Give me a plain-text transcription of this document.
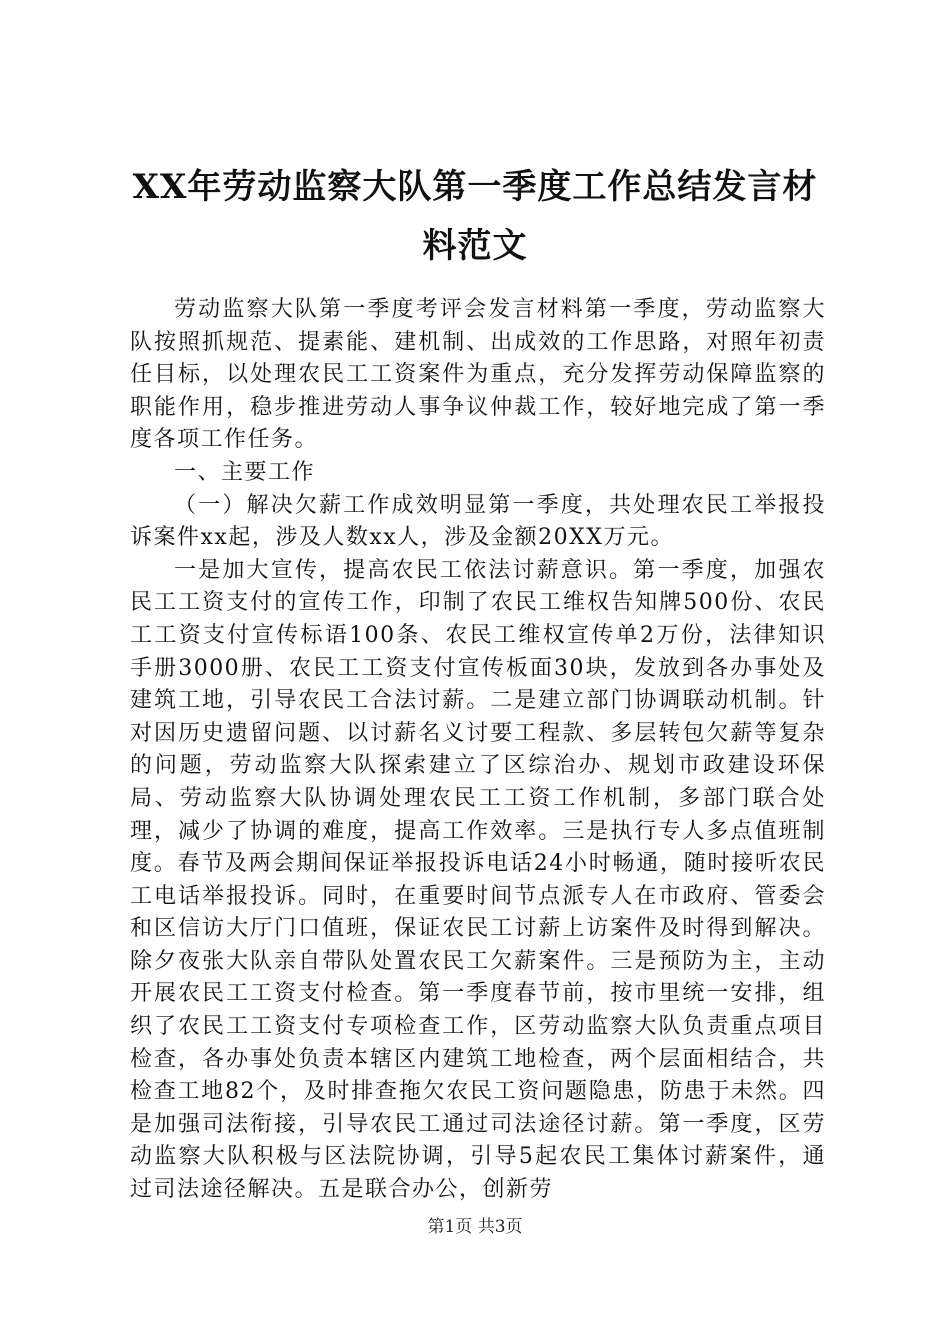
XX年劳动监察大队第一季度工作总结发言材料范文

劳动监察大队第一季度考评会发言材料第一季度，劳动监察大队按照抓规范、提素能、建机制、出成效的工作思路，对照年初责任目标，以处理农民工工资案件为重点，充分发挥劳动保障监察的职能作用，稳步推进劳动人事争议仲裁工作，较好地完成了第一季度各项工作任务。

一、主要工作

（一）解决欠薪工作成效明显第一季度，共处理农民工举报投诉案件xx起，涉及人数xx人，涉及金额20XX万元。

一是加大宣传，提高农民工依法讨薪意识。第一季度，加强农民工工资支付的宣传工作，印制了农民工维权告知牌500份、农民工工资支付宣传标语100条、农民工维权宣传单2万份，法律知识手册3000册、农民工工资支付宣传板面30块，发放到各办事处及建筑工地，引导农民工合法讨薪。二是建立部门协调联动机制。针对因历史遗留问题、以讨薪名义讨要工程款、多层转包欠薪等复杂的问题，劳动监察大队探索建立了区综治办、规划市政建设环保局、劳动监察大队协调处理农民工工资工作机制，多部门联合处理，减少了协调的难度，提高工作效率。三是执行专人多点值班制度。春节及两会期间保证举报投诉电话24小时畅通，随时接听农民工电话举报投诉。同时，在重要时间节点派专人在市政府、管委会和区信访大厅门口值班，保证农民工讨薪上访案件及时得到解决。除夕夜张大队亲自带队处置农民工欠薪案件。三是预防为主，主动开展农民工工资支付检查。第一季度春节前，按市里统一安排，组织了农民工工资支付专项检查工作，区劳动监察大队负责重点项目检查，各办事处负责本辖区内建筑工地检查，两个层面相结合，共检查工地82个，及时排查拖欠农民工资问题隐患，防患于未然。四是加强司法衔接，引导农民工通过司法途径讨薪。第一季度，区劳动监察大队积极与区法院协调，引导5起农民工集体讨薪案件，通过司法途径解决。五是联合办公，创新劳

第1页 共3页
